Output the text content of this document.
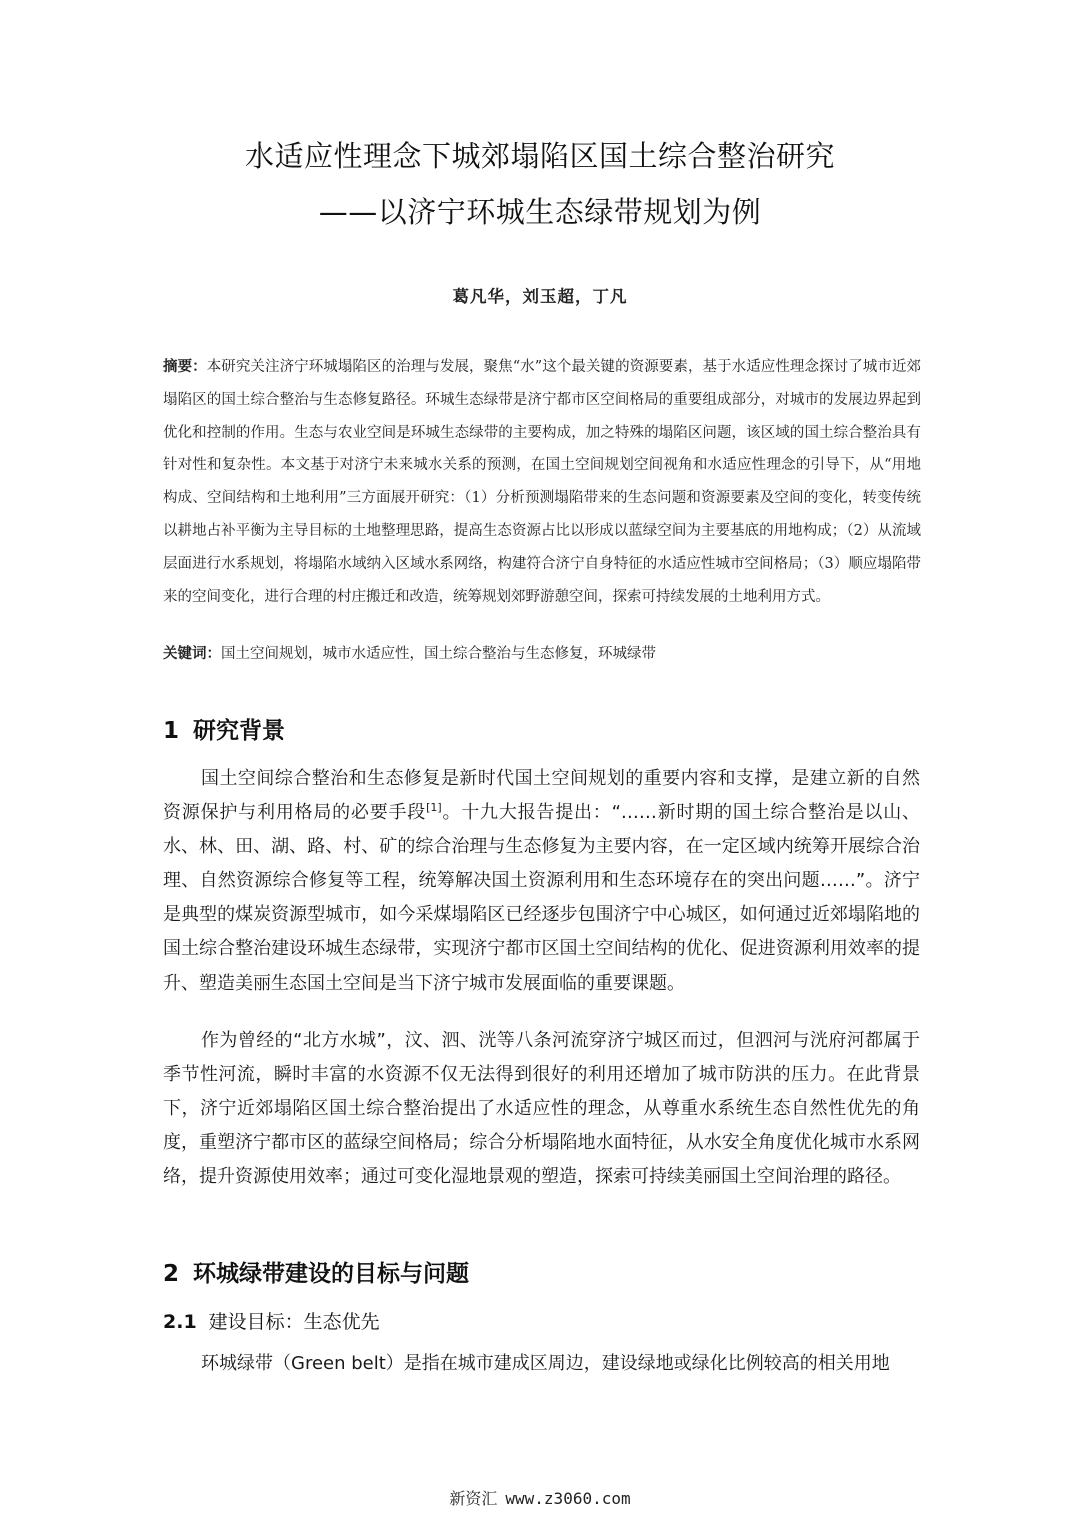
水适应性理念下城郊塌陷区国土综合整治研究
——以济宁环城生态绿带规划为例
葛凡华，刘玉超，丁凡
摘要：本研究关注济宁环城塌陷区的治理与发展，聚焦“水”这个最关键的资源要素，基于水适应性理念探讨了城市近郊塌陷区的国土综合整治与生态修复路径。环城生态绿带是济宁都市区空间格局的重要组成部分，对城市的发展边界起到优化和控制的作用。生态与农业空间是环城生态绿带的主要构成，加之特殊的塌陷区问题，该区域的国土综合整治具有针对性和复杂性。本文基于对济宁未来城水关系的预测，在国土空间规划空间视角和水适应性理念的引导下，从“用地构成、空间结构和土地利用”三方面展开研究：（1）分析预测塌陷带来的生态问题和资源要素及空间的变化，转变传统以耕地占补平衡为主导目标的土地整理思路，提高生态资源占比以形成以蓝绿空间为主要基底的用地构成；（2）从流域层面进行水系规划，将塌陷水域纳入区域水系网络，构建符合济宁自身特征的水适应性城市空间格局；（3）顺应塌陷带来的空间变化，进行合理的村庄搬迁和改造，统筹规划郊野游憩空间，探索可持续发展的土地利用方式。
关键词：国土空间规划，城市水适应性，国土综合整治与生态修复，环城绿带
1 研究背景
国土空间综合整治和生态修复是新时代国土空间规划的重要内容和支撑，是建立新的自然资源保护与利用格局的必要手段[1]。十九大报告提出：“……新时期的国土综合整治是以山、水、林、田、湖、路、村、矿的综合治理与生态修复为主要内容，在一定区域内统筹开展综合治理、自然资源综合修复等工程，统筹解决国土资源利用和生态环境存在的突出问题……”。济宁是典型的煤炭资源型城市，如今采煤塌陷区已经逐步包围济宁中心城区，如何通过近郊塌陷地的国土综合整治建设环城生态绿带，实现济宁都市区国土空间结构的优化、促进资源利用效率的提升、塑造美丽生态国土空间是当下济宁城市发展面临的重要课题。
作为曾经的“北方水城”，汶、泗、洸等八条河流穿济宁城区而过，但泗河与洸府河都属于季节性河流，瞬时丰富的水资源不仅无法得到很好的利用还增加了城市防洪的压力。在此背景下，济宁近郊塌陷区国土综合整治提出了水适应性的理念，从尊重水系统生态自然性优先的角度，重塑济宁都市区的蓝绿空间格局；综合分析塌陷地水面特征，从水安全角度优化城市水系网络，提升资源使用效率；通过可变化湿地景观的塑造，探索可持续美丽国土空间治理的路径。
2 环城绿带建设的目标与问题
2.1 建设目标：生态优先
环城绿带（Green belt）是指在城市建成区周边，建设绿地或绿化比例较高的相关用地
新资汇 www.z3060.com
